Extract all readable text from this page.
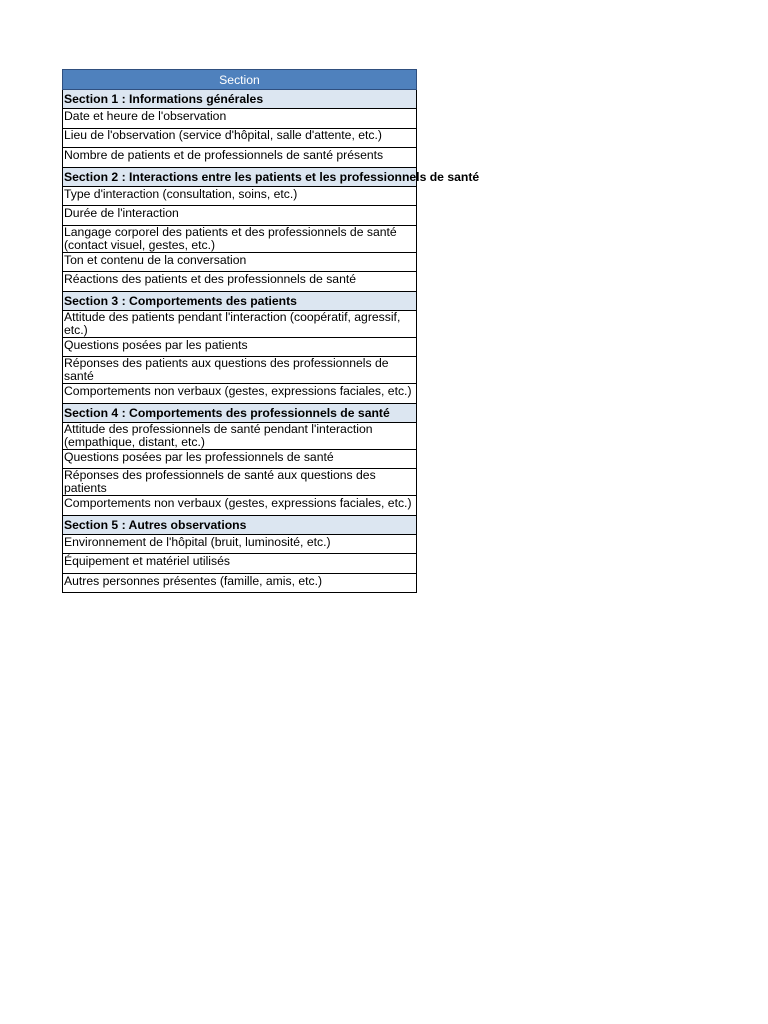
Section
Section 1 : Informations générales
Date et heure de l'observation
Lieu de l'observation (service d'hôpital, salle d'attente, etc.)
Nombre de patients et de professionnels de santé présents
Section 2 : Interactions entre les patients et les professionnels de santé
Type d'interaction (consultation, soins, etc.)
Durée de l'interaction
Langage corporel des patients et des professionnels de santé (contact visuel, gestes, etc.)
Ton et contenu de la conversation
Réactions des patients et des professionnels de santé
Section 3 : Comportements des patients
Attitude des patients pendant l'interaction (coopératif, agressif, etc.)
Questions posées par les patients
Réponses des patients aux questions des professionnels de santé
Comportements non verbaux (gestes, expressions faciales, etc.)
Section 4 : Comportements des professionnels de santé
Attitude des professionnels de santé pendant l'interaction (empathique, distant, etc.)
Questions posées par les professionnels de santé
Réponses des professionnels de santé aux questions des patients
Comportements non verbaux (gestes, expressions faciales, etc.)
Section 5 : Autres observations
Environnement de l'hôpital (bruit, luminosité, etc.)
Équipement et matériel utilisés
Autres personnes présentes (famille, amis, etc.)
